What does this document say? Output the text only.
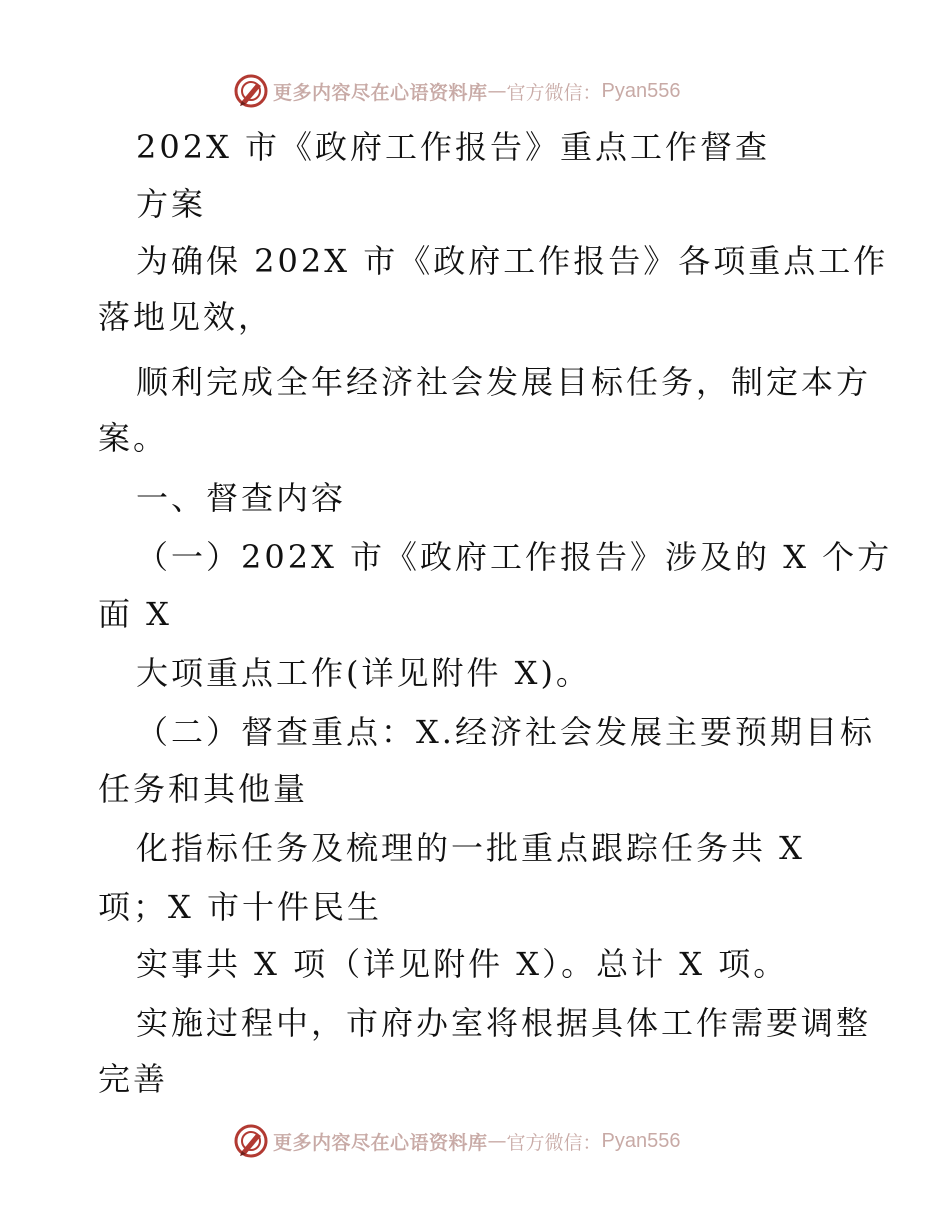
更多内容尽在心语资料库 — 官方微信： Pyan556
202X 市《政府工作报告》重点工作督查
方案
为确保 202X 市《政府工作报告》各项重点工作
落地见效，
顺利完成全年经济社会发展目标任务，制定本方
案。
一、督查内容
（一）202X 市《政府工作报告》涉及的 X 个方
面 X
大项重点工作(详见附件 X)。
（二）督查重点：X.经济社会发展主要预期目标
任务和其他量
化指标任务及梳理的一批重点跟踪任务共 X
项；X 市十件民生
实事共 X 项（详见附件 X）。总计 X 项。
实施过程中，市府办室将根据具体工作需要调整
完善
更多内容尽在心语资料库 — 官方微信： Pyan556
